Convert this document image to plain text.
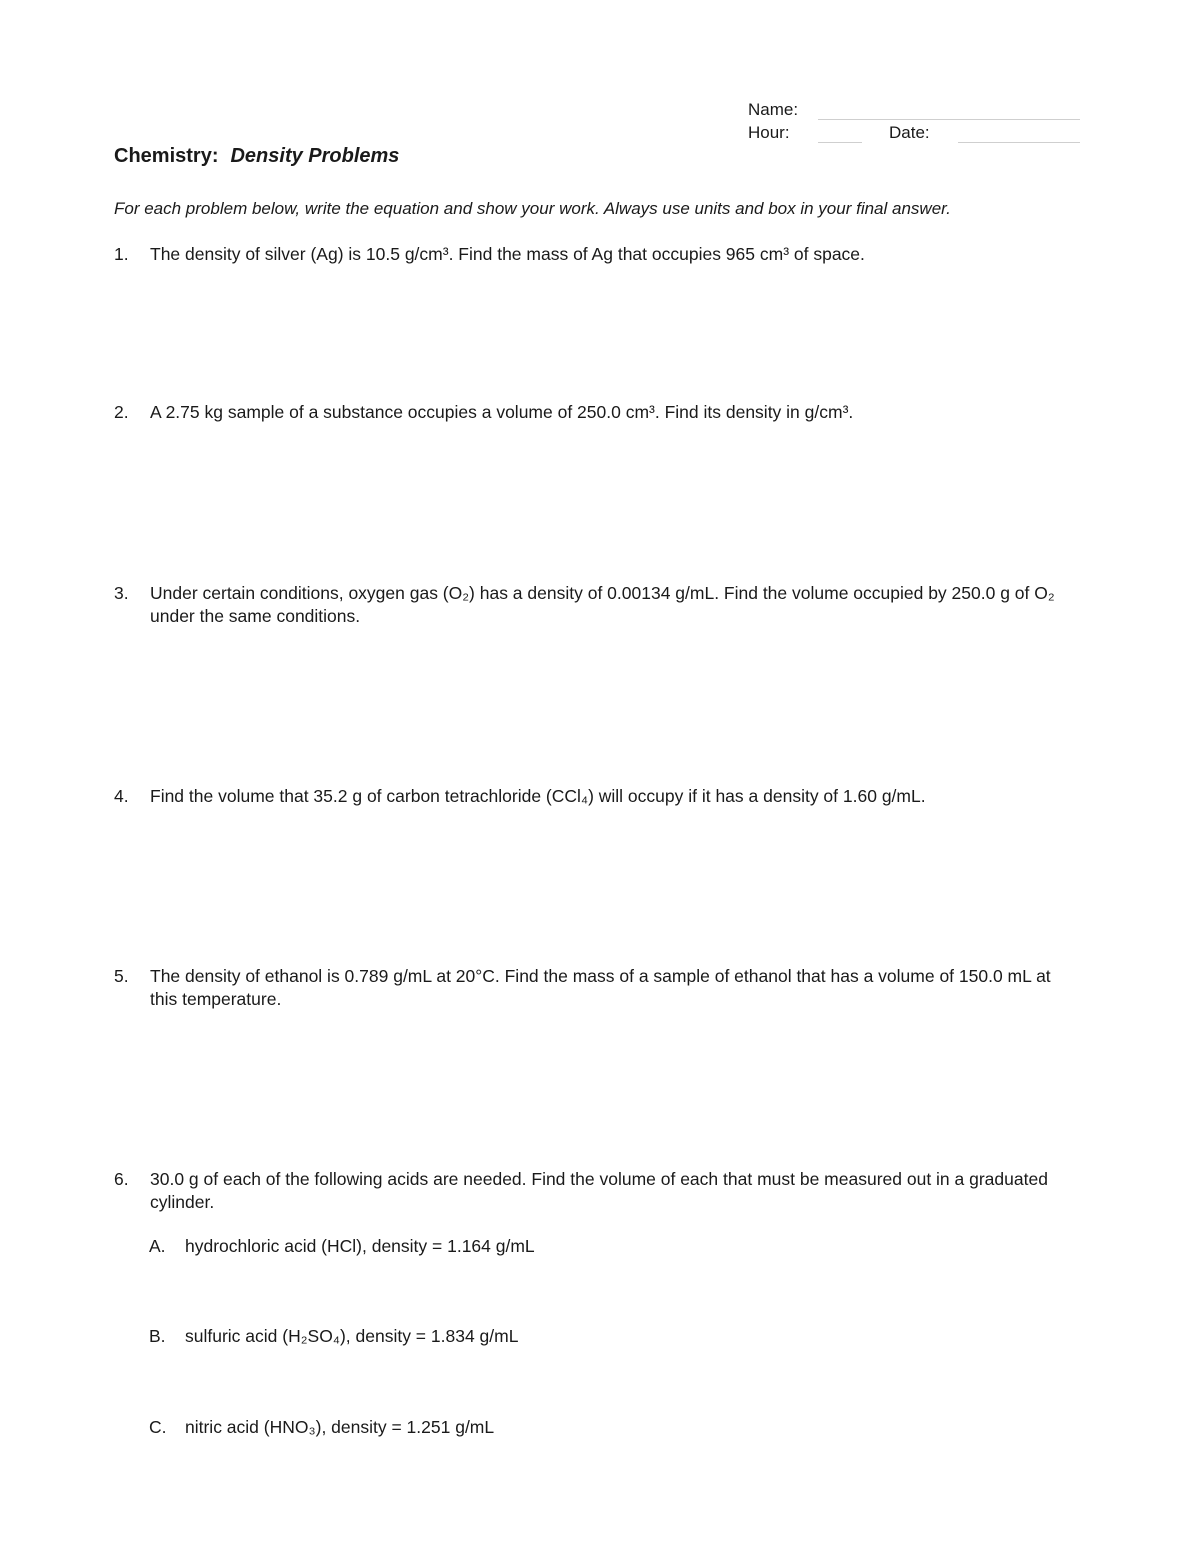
Name:
Hour:	Date:
Chemistry: Density Problems
For each problem below, write the equation and show your work. Always use units and box in your final answer.
1. The density of silver (Ag) is 10.5 g/cm³. Find the mass of Ag that occupies 965 cm³ of space.
2. A 2.75 kg sample of a substance occupies a volume of 250.0 cm³. Find its density in g/cm³.
3. Under certain conditions, oxygen gas (O₂) has a density of 0.00134 g/mL. Find the volume occupied by 250.0 g of O₂ under the same conditions.
4. Find the volume that 35.2 g of carbon tetrachloride (CCl₄) will occupy if it has a density of 1.60 g/mL.
5. The density of ethanol is 0.789 g/mL at 20°C. Find the mass of a sample of ethanol that has a volume of 150.0 mL at this temperature.
6. 30.0 g of each of the following acids are needed. Find the volume of each that must be measured out in a graduated cylinder.
A. hydrochloric acid (HCl), density = 1.164 g/mL
B. sulfuric acid (H₂SO₄), density = 1.834 g/mL
C. nitric acid (HNO₃), density = 1.251 g/mL
